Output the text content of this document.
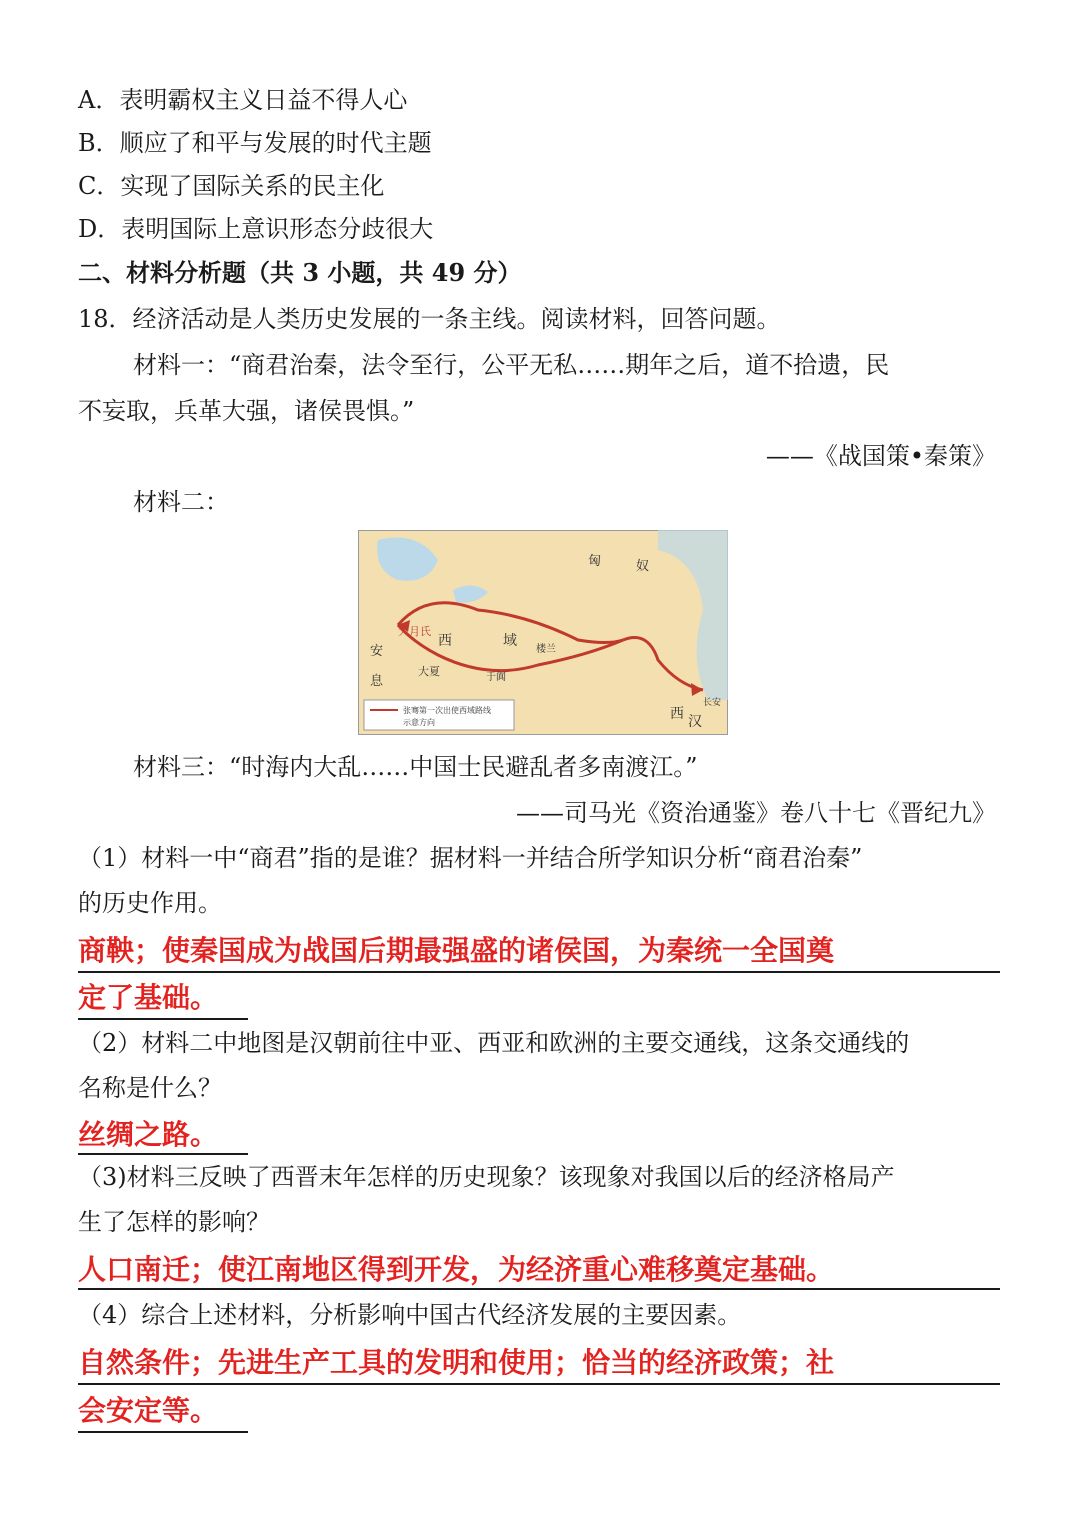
A．表明霸权主义日益不得人心
B．顺应了和平与发展的时代主题
C．实现了国际关系的民主化
D．表明国际上意识形态分歧很大
二、材料分析题（共 3 小题，共 49 分）
18．经济活动是人类历史发展的一条主线。阅读材料，回答问题。
材料一：“商君治秦，法令至行，公平无私……期年之后，道不拾遗，民
不妄取，兵革大强，诸侯畏惧。”
——《战国策•秦策》
材料二：
匈	奴
大月氏
西	域
安
息
大夏
楼兰
于阗
西 汉
长安
张骞第一次出使西域路线
示意方向
材料三：“时海内大乱……中国士民避乱者多南渡江。”
——司马光《资治通鉴》卷八十七《晋纪九》
（1）材料一中“商君”指的是谁？据材料一并结合所学知识分析“商君治秦”
的历史作用。
商鞅；使秦国成为战国后期最强盛的诸侯国，为秦统一全国奠
定了基础。
（2）材料二中地图是汉朝前往中亚、西亚和欧洲的主要交通线，这条交通线的
名称是什么？
丝绸之路。
（3)材料三反映了西晋末年怎样的历史现象？该现象对我国以后的经济格局产
生了怎样的影响？
人口南迁；使江南地区得到开发，为经济重心难移奠定基础。
（4）综合上述材料，分析影响中国古代经济发展的主要因素。
自然条件；先进生产工具的发明和使用；恰当的经济政策；社
会安定等。
